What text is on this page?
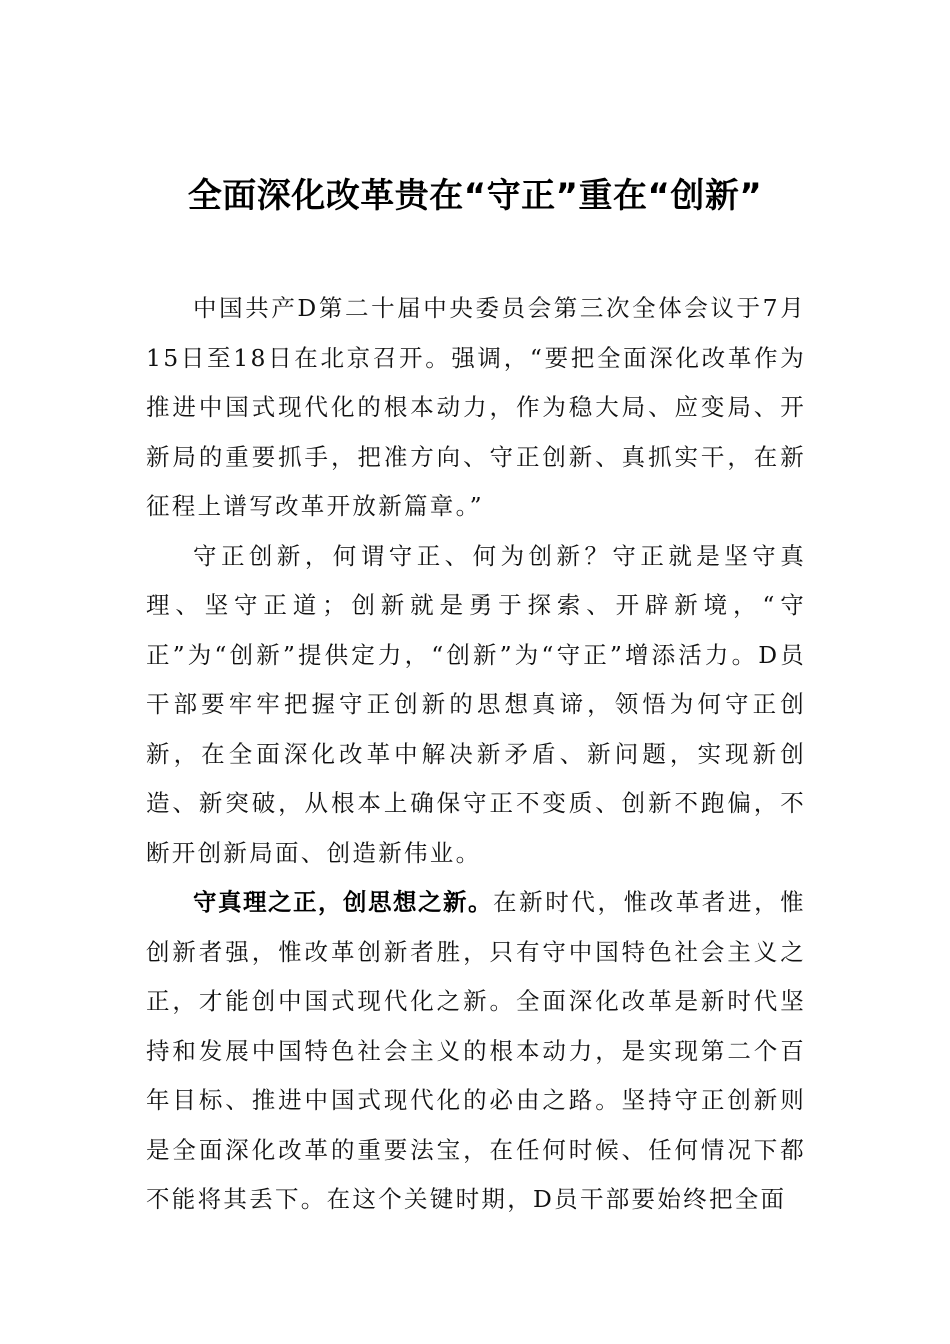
全面深化改革贵在“守正”重在“创新”

中国共产D第二十届中央委员会第三次全体会议于7月15日至18日在北京召开。强调，“要把全面深化改革作为推进中国式现代化的根本动力，作为稳大局、应变局、开新局的重要抓手，把准方向、守正创新、真抓实干，在新征程上谱写改革开放新篇章。”

守正创新，何谓守正、何为创新？守正就是坚守真理、坚守正道；创新就是勇于探索、开辟新境，“守正”为“创新”提供定力，“创新”为“守正”增添活力。D员干部要牢牢把握守正创新的思想真谛，领悟为何守正创新，在全面深化改革中解决新矛盾、新问题，实现新创造、新突破，从根本上确保守正不变质、创新不跑偏，不断开创新局面、创造新伟业。

守真理之正，创思想之新。在新时代，惟改革者进，惟创新者强，惟改革创新者胜，只有守中国特色社会主义之正，才能创中国式现代化之新。全面深化改革是新时代坚持和发展中国特色社会主义的根本动力，是实现第二个百年目标、推进中国式现代化的必由之路。坚持守正创新则是全面深化改革的重要法宝，在任何时候、任何情况下都不能将其丢下。在这个关键时期，D员干部要始终把全面
